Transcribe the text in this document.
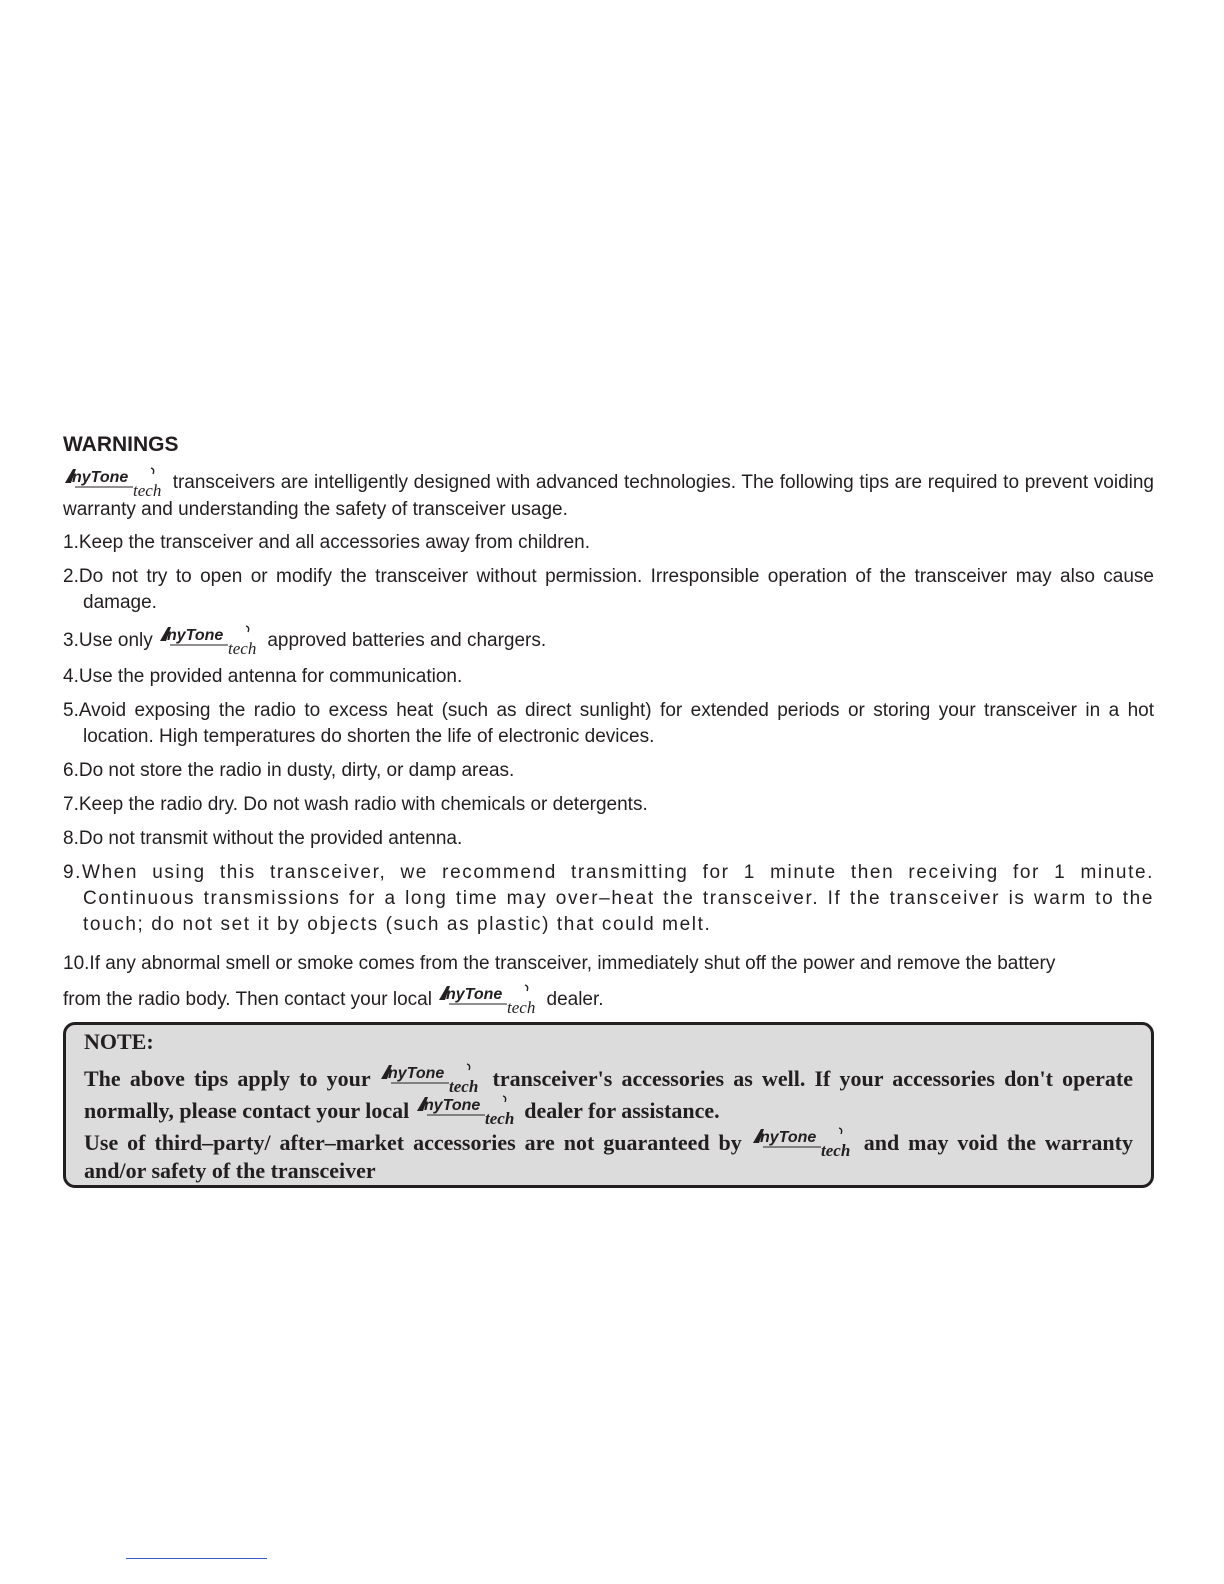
WARNINGS

transceivers are intelligently designed with advanced technologies. The following tips are required to prevent voiding warranty and understanding the safety of transceiver usage.

1.Keep the transceiver and all accessories away from children.
2.Do not try to open or modify the transceiver without permission. Irresponsible operation of the transceiver may also cause damage.
3.Use only	approved batteries and chargers.
4.Use the provided antenna for communication.
5.Avoid exposing the radio to excess heat (such as direct sunlight) for extended periods or storing your transceiver in a hot location. High temperatures do shorten the life of electronic devices.
6.Do not store the radio in dusty, dirty, or damp areas.
7.Keep the radio dry. Do not wash radio with chemicals or detergents.
8.Do not transmit without the provided antenna.
9.When using this transceiver, we recommend transmitting for 1 minute then receiving for 1 minute. Continuous transmissions for a long time may over–heat the transceiver. If the transceiver is warm to the touch; do not set it by objects (such as plastic) that could melt.
10.If any abnormal smell or smoke comes from the transceiver, immediately shut off the power and remove the battery
from the radio body. Then contact your local	dealer.
NOTE:

The above tips apply to your	transceiver's accessories as well. If your accessories don't operate normally, please contact your local	dealer for assistance.

Use of third–party/ after–market accessories are not guaranteed by	and may void the warranty and/or safety of the transceiver
